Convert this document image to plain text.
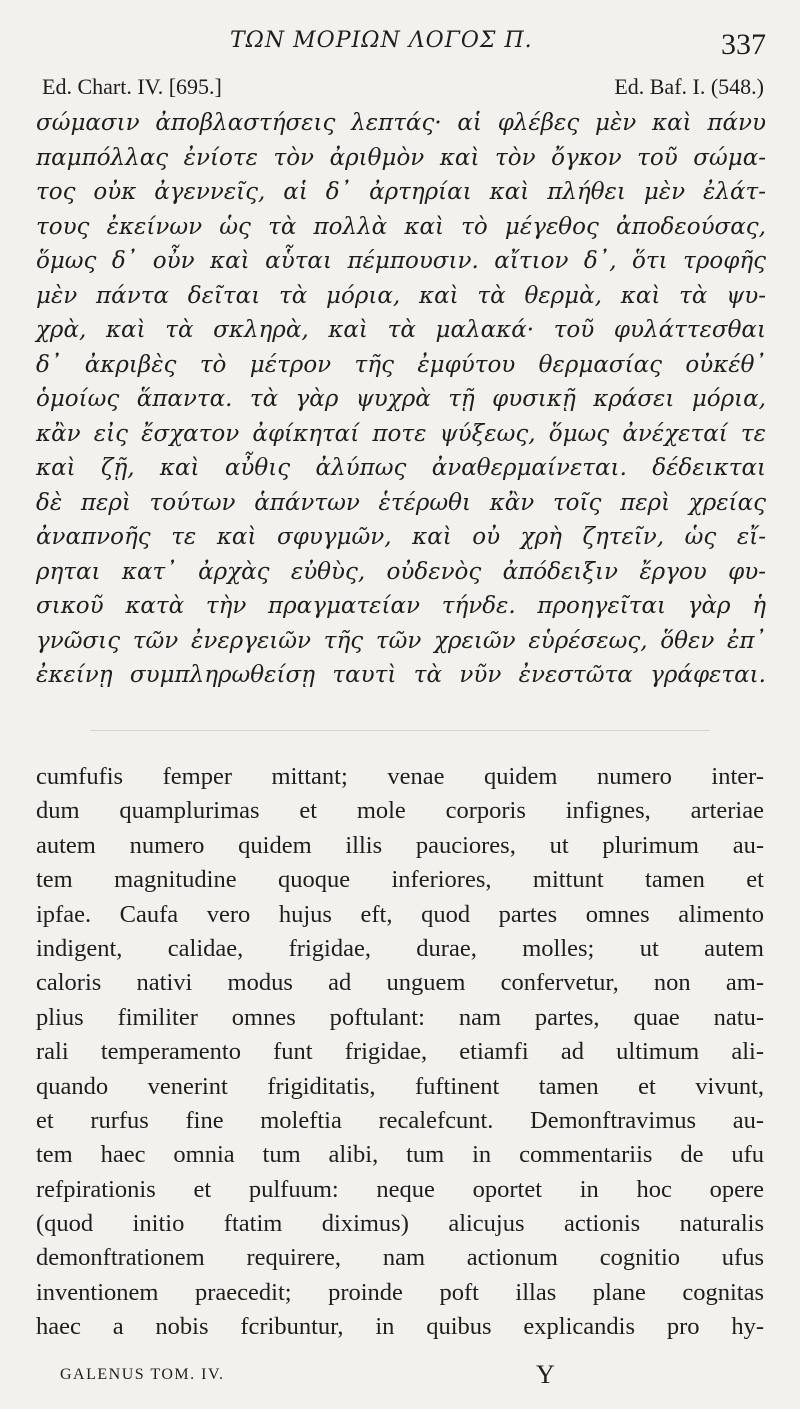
ΤΩΝ ΜΟΡΙΩΝ ΛΟΓΟΣ Π.	337
Ed. Chart. IV. [695.]	Ed. Baf. I. (548.)
σώμασιν ἀποβλαστήσεις λεπτάς· αἱ φλέβες μὲν καὶ πάνυ
παμπόλλας ἐνίοτε τὸν ἀριθμὸν καὶ τὸν ὄγκον τοῦ σώμα-
τος οὐκ ἀγεννεῖς, αἱ δ᾽ ἀρτηρίαι καὶ πλήθει μὲν ἐλάτ-
τους ἐκείνων ὡς τὰ πολλὰ καὶ τὸ μέγεθος ἀποδεούσας,
ὅμως δ᾽ οὖν καὶ αὗται πέμπουσιν. αἴτιον δ᾽, ὅτι τροφῆς
μὲν πάντα δεῖται τὰ μόρια, καὶ τὰ θερμὰ, καὶ τὰ ψυ-
χρὰ, καὶ τὰ σκληρὰ, καὶ τὰ μαλακά· τοῦ φυλάττεσθαι
δ᾽ ἀκριβὲς τὸ μέτρον τῆς ἐμφύτου θερμασίας οὐκέθ᾽
ὁμοίως ἅπαντα. τὰ γὰρ ψυχρὰ τῇ φυσικῇ κράσει μόρια,
κἂν εἰς ἔσχατον ἀφίκηταί ποτε ψύξεως, ὅμως ἀνέχεταί τε
καὶ ζῇ, καὶ αὖθις ἀλύπως ἀναθερμαίνεται. δέδεικται
δὲ περὶ τούτων ἁπάντων ἑτέρωθι κἂν τοῖς περὶ χρείας
ἀναπνοῆς τε καὶ σφυγμῶν, καὶ οὐ χρὴ ζητεῖν, ὡς εἴ-
ρηται κατ᾽ ἀρχὰς εὐθὺς, οὐδενὸς ἀπόδειξιν ἔργου φυ-
σικοῦ κατὰ τὴν πραγματείαν τήνδε. προηγεῖται γὰρ ἡ
γνῶσις τῶν ἐνεργειῶν τῆς τῶν χρειῶν εὑρέσεως, ὅθεν ἐπ᾽
ἐκείνῃ συμπληρωθείσῃ ταυτὶ τὰ νῦν ἐνεστῶτα γράφεται.
cumfufis femper mittant; venae quidem numero inter-
dum quamplurimas et mole corporis infignes, arteriae
autem numero quidem illis pauciores, ut plurimum au-
tem magnitudine quoque inferiores, mittunt tamen et
ipfae. Caufa vero hujus eft, quod partes omnes alimento
indigent, calidae, frigidae, durae, molles; ut autem
caloris nativi modus ad unguem confervetur, non am-
plius fimiliter omnes poftulant: nam partes, quae natu-
rali temperamento funt frigidae, etiamfi ad ultimum ali-
quando venerint frigiditatis, fuftinent tamen et vivunt,
et rurfus fine moleftia recalefcunt. Demonftravimus au-
tem haec omnia tum alibi, tum in commentariis de ufu
refpirationis et pulfuum: neque oportet in hoc opere
(quod initio ftatim diximus) alicujus actionis naturalis
demonftrationem requirere, nam actionum cognitio ufus
inventionem praecedit; proinde poft illas plane cognitas
haec a nobis fcribuntur, in quibus explicandis pro hy-
GALENUS TOM. IV.	Y
